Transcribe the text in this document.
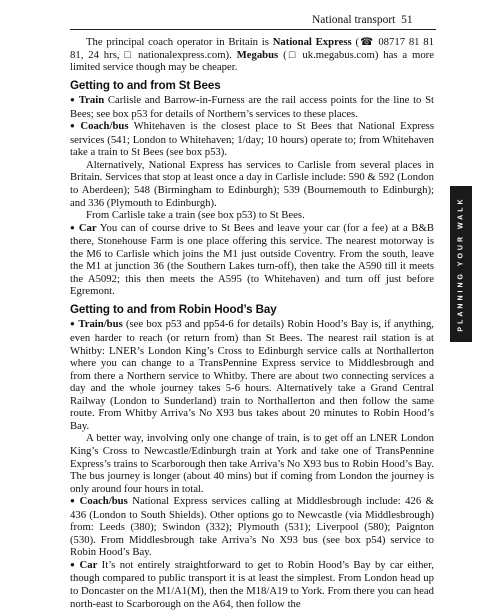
National transport 51

The principal coach operator in Britain is National Express (☎ 08717 81 81 81, 24 hrs, □ nationalexpress.com). Megabus (□ uk.megabus.com) has a more limited service though may be cheaper.

Getting to and from St Bees

● Train Carlisle and Barrow-in-Furness are the rail access points for the line to St Bees; see box p53 for details of Northern’s services to these places.

● Coach/bus Whitehaven is the closest place to St Bees that National Express services (541; London to Whitehaven; 1/day; 10 hours) operate to; from Whitehaven take a train to St Bees (see box p53).

Alternatively, National Express has services to Carlisle from several places in Britain. Services that stop at least once a day in Carlisle include: 590 & 592 (London to Aberdeen); 548 (Birmingham to Edinburgh); 539 (Bournemouth to Edinburgh); and 336 (Plymouth to Edinburgh).

From Carlisle take a train (see box p53) to St Bees.

● Car You can of course drive to St Bees and leave your car (for a fee) at a B&B there, Stonehouse Farm is one place offering this service. The nearest motorway is the M6 to Carlisle which joins the M1 just outside Coventry. From the south, leave the M1 at junction 36 (the Southern Lakes turn-off), then take the A590 till it meets the A5092; this then meets the A595 (to Whitehaven) and turn off just before Egremont.

Getting to and from Robin Hood’s Bay

● Train/bus (see box p53 and pp54-6 for details) Robin Hood’s Bay is, if anything, even harder to reach (or return from) than St Bees. The nearest rail station is at Whitby: LNER’s London King’s Cross to Edinburgh service calls at Northallerton where you can change to a TransPennine Express service to Middlesbrough and from there a Northern service to Whitby. There are about two connecting services a day and the whole journey takes 5-6 hours. Alternatively take a Grand Central Railway (London to Sunderland) train to Northallerton and then follow the same route. From Whitby Arriva’s No X93 bus takes about 20 minutes to Robin Hood’s Bay.

A better way, involving only one change of train, is to get off an LNER London King’s Cross to Newcastle/Edinburgh train at York and take one of TransPennine Express’s trains to Scarborough then take Arriva’s No X93 bus to Robin Hood’s Bay. The bus journey is longer (about 40 mins) but if coming from London the journey is only around four hours in total.

● Coach/bus National Express services calling at Middlesbrough include: 426 & 436 (London to South Shields). Other options go to Newcastle (via Middlesbrough) from: Leeds (380); Swindon (332); Plymouth (531); Liverpool (580); Paignton (530). From Middlesbrough take Arriva’s No X93 bus (see box p54) service to Robin Hood’s Bay.

● Car It’s not entirely straightforward to get to Robin Hood’s Bay by car either, though compared to public transport it is at least the simplest. From London head up to Doncaster on the M1/A1(M), then the M18/A19 to York. From there you can head north-east to Scarborough on the A64, then follow the

PLANNING YOUR WALK
